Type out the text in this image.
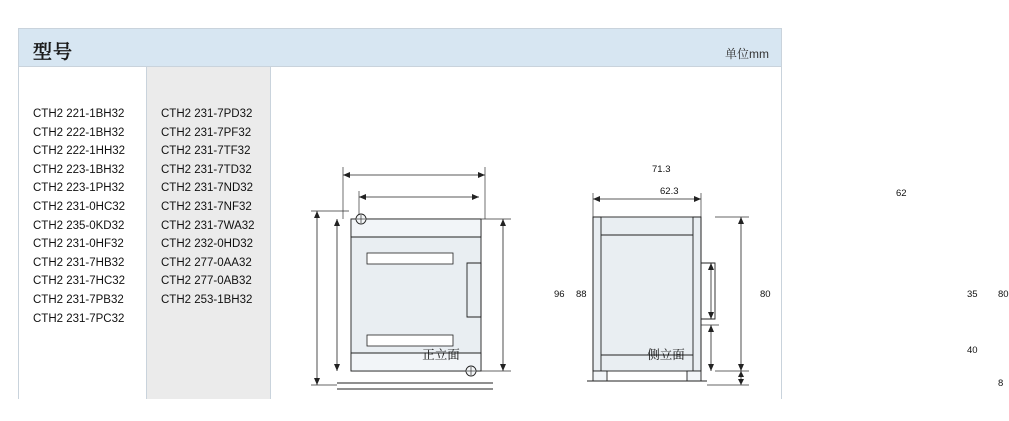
型号	单位mm
CTH2 221-1BH32
CTH2 222-1BH32
CTH2 222-1HH32
CTH2 223-1BH32
CTH2 223-1PH32
CTH2 231-0HC32
CTH2 235-0KD32
CTH2 231-0HF32
CTH2 231-7HB32
CTH2 231-7HC32
CTH2 231-7PB32
CTH2 231-7PC32
CTH2 231-7PD32
CTH2 231-7PF32
CTH2 231-7TF32
CTH2 231-7TD32
CTH2 231-7ND32
CTH2 231-7NF32
CTH2 231-7WA32
CTH2 232-0HD32
CTH2 277-0AA32
CTH2 277-0AB32
CTH2 253-1BH32
71.3
62.3
96 88	80
62
35
40
80
8
正立面	侧立面
